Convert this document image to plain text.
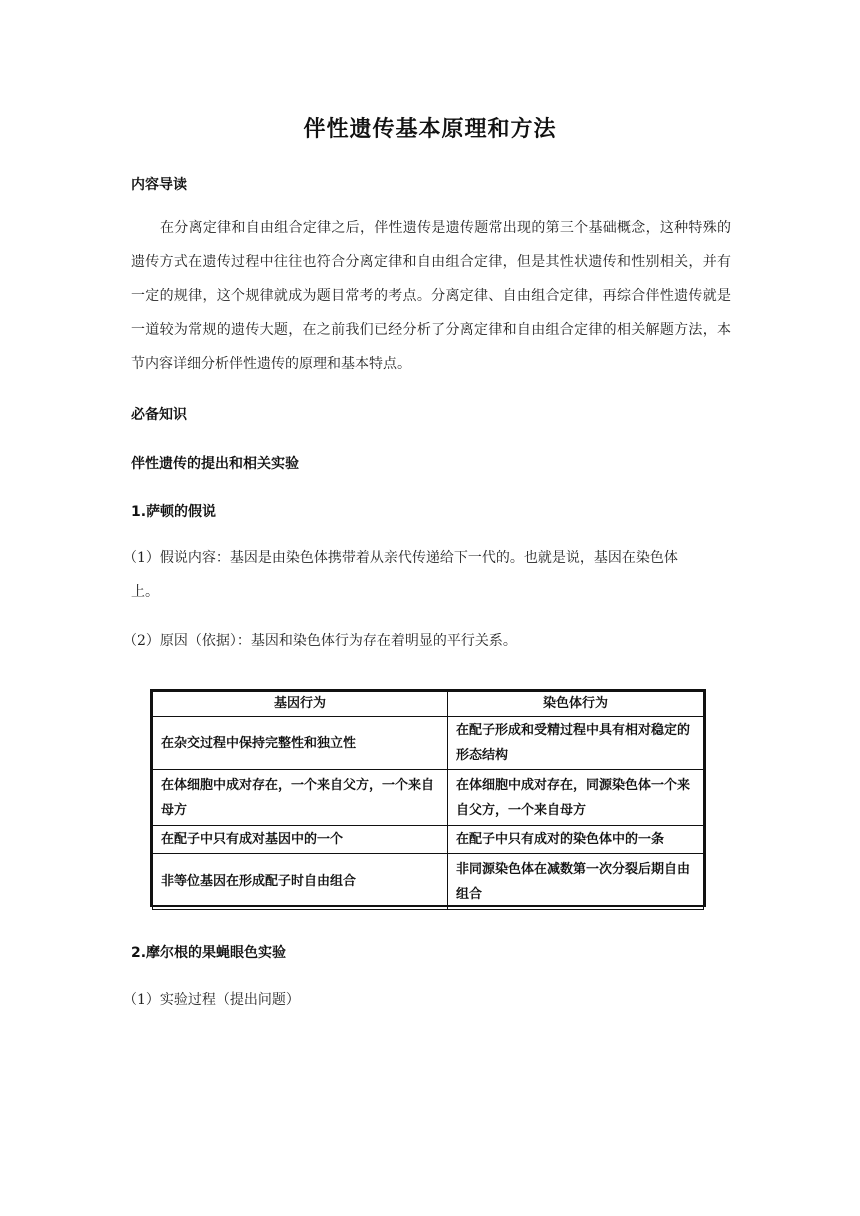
伴性遗传基本原理和方法
内容导读
在分离定律和自由组合定律之后，伴性遗传是遗传题常出现的第三个基础概念，这种特殊的遗传方式在遗传过程中往往也符合分离定律和自由组合定律，但是其性状遗传和性别相关，并有一定的规律，这个规律就成为题目常考的考点。分离定律、自由组合定律，再综合伴性遗传就是一道较为常规的遗传大题，在之前我们已经分析了分离定律和自由组合定律的相关解题方法，本节内容详细分析伴性遗传的原理和基本特点。
必备知识
伴性遗传的提出和相关实验
1.萨顿的假说
（1）假说内容：基因是由染色体携带着从亲代传递给下一代的。也就是说，基因在染色体
上。
（2）原因（依据）：基因和染色体行为存在着明显的平行关系。
基因行为	染色体行为
在杂交过程中保持完整性和独立性	在配子形成和受精过程中具有相对稳定的形态结构
在体细胞中成对存在，一个来自父方，一个来自母方	在体细胞中成对存在，同源染色体一个来自父方，一个来自母方
在配子中只有成对基因中的一个	在配子中只有成对的染色体中的一条
非等位基因在形成配子时自由组合	非同源染色体在减数第一次分裂后期自由组合
2.摩尔根的果蝇眼色实验
（1）实验过程（提出问题）
